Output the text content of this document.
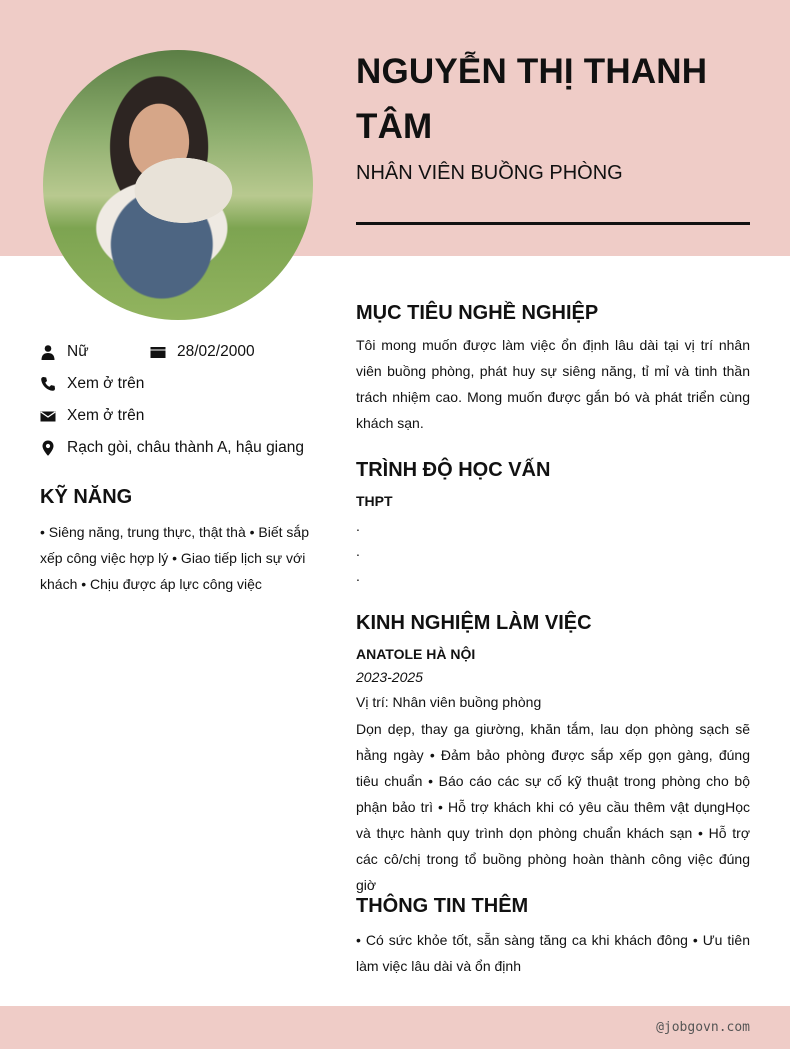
@jobgovn.com
NGUYỄN THỊ THANH TÂM
NHÂN VIÊN BUỒNG PHÒNG
Nữ	28/02/2000
Xem ở trên
Xem ở trên
Rạch gòi, châu thành A, hậu giang
KỸ NĂNG

• Siêng năng, trung thực, thật thà • Biết sắp xếp công việc hợp lý • Giao tiếp lịch sự với khách • Chịu được áp lực công việc

MỤC TIÊU NGHỀ NGHIỆP

Tôi mong muốn được làm việc ổn định lâu dài tại vị trí nhân viên buồng phòng, phát huy sự siêng năng, tỉ mỉ và tinh thần trách nhiệm cao. Mong muốn được gắn bó và phát triển cùng khách sạn.

TRÌNH ĐỘ HỌC VẤN
THPT
.
.
.
KINH NGHIỆM LÀM VIỆC
ANATOLE HÀ NỘI
2023-2025
Vị trí: Nhân viên buồng phòng

Dọn dẹp, thay ga giường, khăn tắm, lau dọn phòng sạch sẽ hằng ngày • Đảm bảo phòng được sắp xếp gọn gàng, đúng tiêu chuẩn • Báo cáo các sự cố kỹ thuật trong phòng cho bộ phận bảo trì • Hỗ trợ khách khi có yêu cầu thêm vật dụngHọc và thực hành quy trình dọn phòng chuẩn khách sạn • Hỗ trợ các cô/chị trong tổ buồng phòng hoàn thành công việc đúng giờ

THÔNG TIN THÊM

• Có sức khỏe tốt, sẵn sàng tăng ca khi khách đông • Ưu tiên làm việc lâu dài và ổn định
